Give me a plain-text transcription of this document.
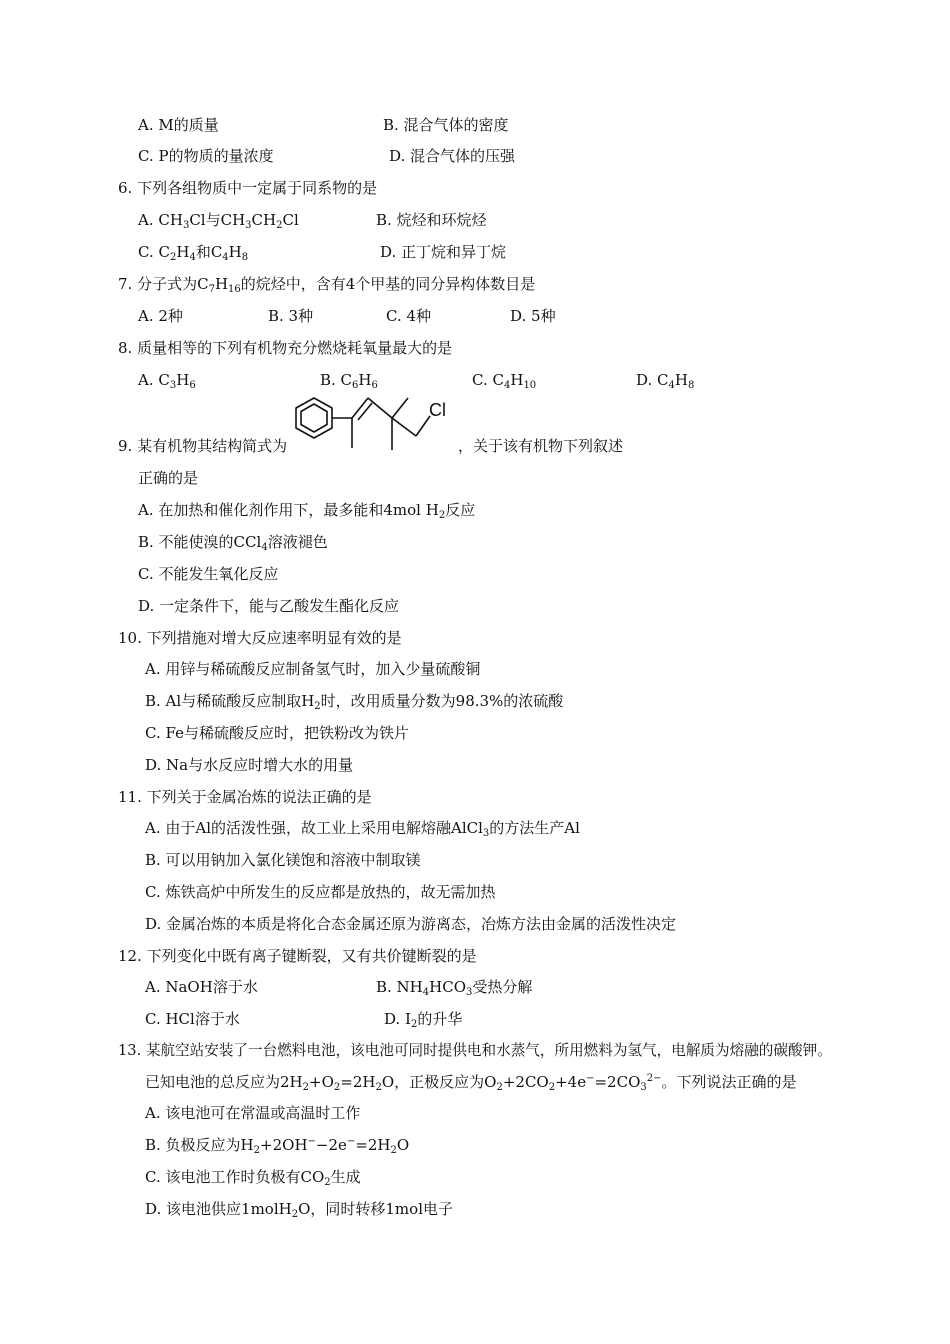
A. M的质量	B. 混合气体的密度
C. P的物质的量浓度	D. 混合气体的压强
6. 下列各组物质中一定属于同系物的是
A. $CH_3Cl$与$CH_3CH_2Cl$	B. 烷烃和环烷烃
C. $C_2H_4$和$C_4H_8$	D. 正丁烷和异丁烷
7. 分子式为$C_7H_{16}$的烷烃中，含有4个甲基的同分异构体数目是
A. 2种	B. 3种	C. 4种	D. 5种
8. 质量相等的下列有机物充分燃烧耗氧量最大的是
A. $C_3H_6$	B. $C_6H_6$	C. $C_4H_{10}$	D. $C_4H_8$
9. 某有机物其结构简式为
Cl
，关于该有机物下列叙述
正确的是
A. 在加热和催化剂作用下，最多能和4mol $H_2$反应
B. 不能使溴的CCl$_4$溶液褪色
C. 不能发生氧化反应
D. 一定条件下，能与乙酸发生酯化反应
10. 下列措施对增大反应速率明显有效的是
A. 用锌与稀硫酸反应制备氢气时，加入少量硫酸铜
B. Al与稀硫酸反应制取$H_2$时，改用质量分数为98.3%的浓硫酸
C. Fe与稀硫酸反应时，把铁粉改为铁片
D. Na与水反应时增大水的用量
11. 下列关于金属冶炼的说法正确的是
A. 由于Al的活泼性强，故工业上采用电解熔融AlCl$_3$的方法生产Al
B. 可以用钠加入氯化镁饱和溶液中制取镁
C. 炼铁高炉中所发生的反应都是放热的，故无需加热
D. 金属冶炼的本质是将化合态金属还原为游离态，冶炼方法由金属的活泼性决定
12. 下列变化中既有离子键断裂，又有共价键断裂的是
A. NaOH溶于水	B. $NH_4HCO_3$受热分解
C. HCl溶于水	D. $I_2$的升华
13. 某航空站安装了一台燃料电池，该电池可同时提供电和水蒸气，所用燃料为氢气，电解质为熔融的碳酸钾。
已知电池的总反应为$2H_2+O_2=2H_2O$，正极反应为$O_2+2CO_2+4e^-=2CO_3^{2-}$。下列说法正确的是
A. 该电池可在常温或高温时工作
B. 负极反应为$H_2+2OH^--2e^-=2H_2O$
C. 该电池工作时负极有$CO_2$生成
D. 该电池供应1molH$_2$O，同时转移1mol电子
